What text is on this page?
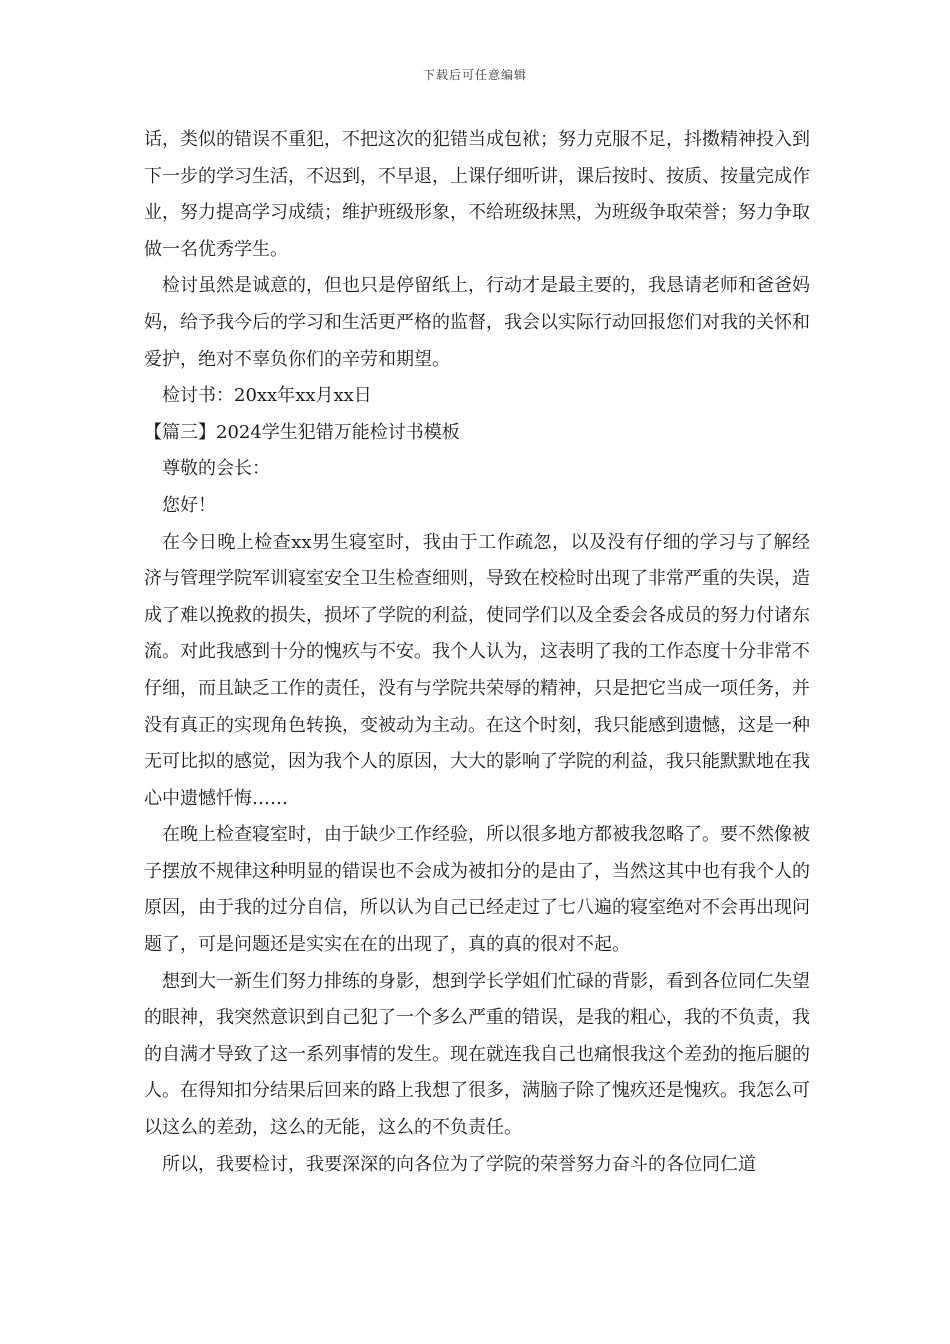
下载后可任意编辑

话，类似的错误不重犯，不把这次的犯错当成包袱；努力克服不足，抖擞精神投入到下一步的学习生活，不迟到，不早退，上课仔细听讲，课后按时、按质、按量完成作业，努力提高学习成绩；维护班级形象，不给班级抹黑，为班级争取荣誉；努力争取做一名优秀学生。

检讨虽然是诚意的，但也只是停留纸上，行动才是最主要的，我恳请老师和爸爸妈妈，给予我今后的学习和生活更严格的监督，我会以实际行动回报您们对我的关怀和爱护，绝对不辜负你们的辛劳和期望。

检讨书：20xx年xx月xx日

【篇三】2024学生犯错万能检讨书模板

尊敬的会长：

您好！

在今日晚上检查xx男生寝室时，我由于工作疏忽，以及没有仔细的学习与了解经济与管理学院军训寝室安全卫生检查细则，导致在校检时出现了非常严重的失误，造成了难以挽救的损失，损坏了学院的利益，使同学们以及全委会各成员的努力付诸东流。对此我感到十分的愧疚与不安。我个人认为，这表明了我的工作态度十分非常不仔细，而且缺乏工作的责任，没有与学院共荣辱的精神，只是把它当成一项任务，并没有真正的实现角色转换，变被动为主动。在这个时刻，我只能感到遗憾，这是一种无可比拟的感觉，因为我个人的原因，大大的影响了学院的利益，我只能默默地在我心中遗憾忏悔……

在晚上检查寝室时，由于缺少工作经验，所以很多地方都被我忽略了。要不然像被子摆放不规律这种明显的错误也不会成为被扣分的是由了，当然这其中也有我个人的原因，由于我的过分自信，所以认为自己已经走过了七八遍的寝室绝对不会再出现问题了，可是问题还是实实在在的出现了，真的真的很对不起。

想到大一新生们努力排练的身影，想到学长学姐们忙碌的背影，看到各位同仁失望的眼神，我突然意识到自己犯了一个多么严重的错误，是我的粗心，我的不负责，我的自满才导致了这一系列事情的发生。现在就连我自己也痛恨我这个差劲的拖后腿的人。在得知扣分结果后回来的路上我想了很多，满脑子除了愧疚还是愧疚。我怎么可以这么的差劲，这么的无能，这么的不负责任。

所以，我要检讨，我要深深的向各位为了学院的荣誉努力奋斗的各位同仁道
